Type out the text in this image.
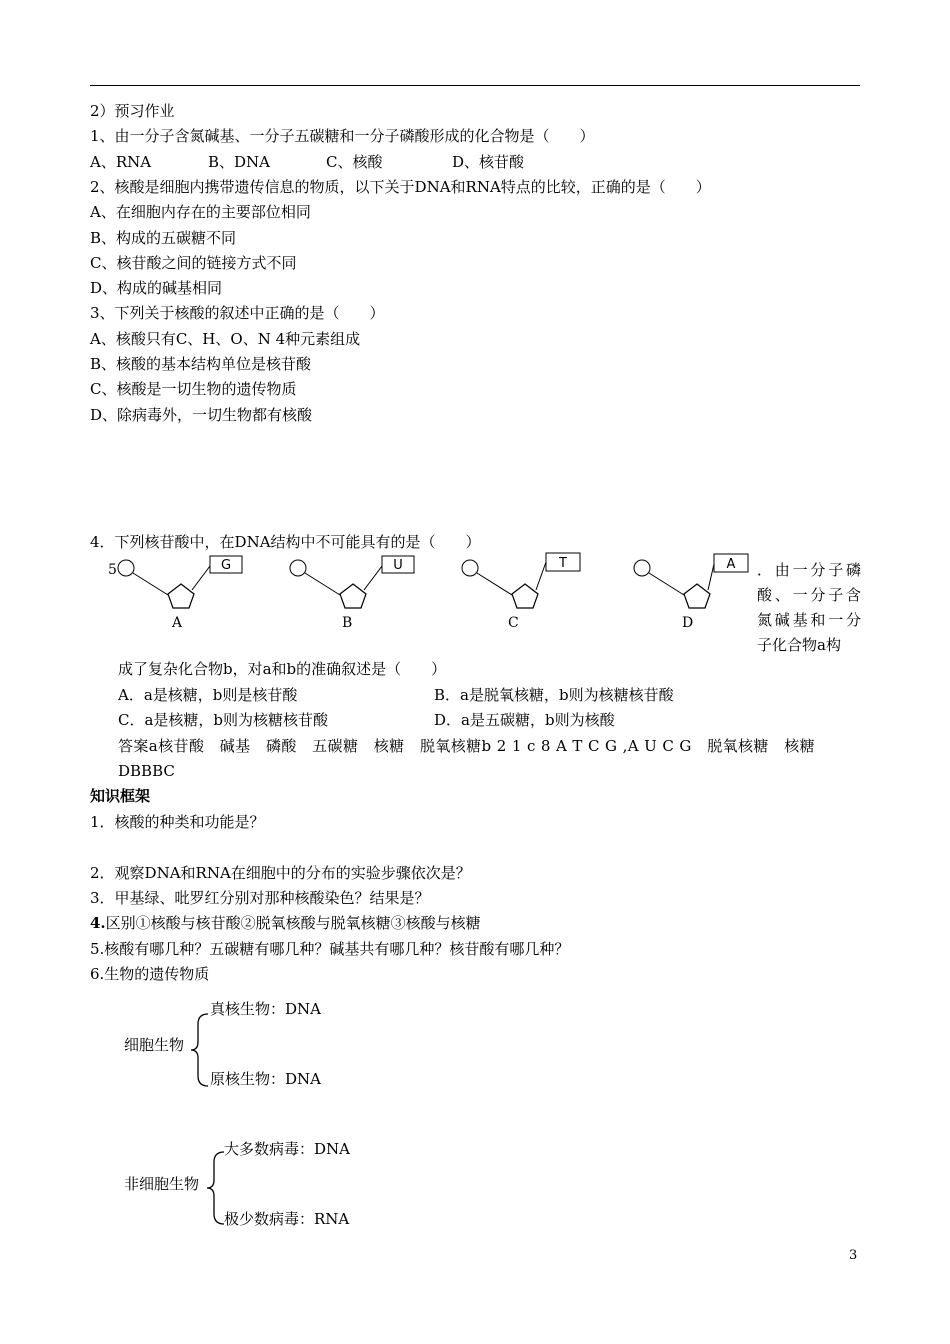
2）预习作业
1、由一分子含氮碱基、一分子五碳糖和一分子磷酸形成的化合物是（　　）
A、RNA	B、DNA	C、核酸	D、核苷酸
2、核酸是细胞内携带遗传信息的物质，以下关于DNA和RNA特点的比较，正确的是（　　）
A、在细胞内存在的主要部位相同
B、构成的五碳糖不同
C、核苷酸之间的链接方式不同
D、构成的碱基相同
3、下列关于核酸的叙述中正确的是（　　）
A、核酸只有C、H、O、N 4种元素组成
B、核酸的基本结构单位是核苷酸
C、核酸是一切生物的遗传物质
D、除病毒外，一切生物都有核酸
4．下列核苷酸中，在DNA结构中不可能具有的是（　　）
5	G
A
U
B
T
C
A
D
．由一分子磷酸、一分子含氮碱基和一分子化合物a构
成了复杂化合物b，对a和b的准确叙述是（　　）
A．a是核糖，b则是核苷酸	B．a是脱氧核糖，b则为核糖核苷酸
C．a是核糖，b则为核糖核苷酸	D．a是五碳糖，b则为核酸
答案a核苷酸　碱基　磷酸　五碳糖　核糖　脱氧核糖b 2 1 c 8 A T C G ,A U C G　脱氧核糖　核糖
DBBBC
知识框架
1．核酸的种类和功能是？
2．观察DNA和RNA在细胞中的分布的实验步骤依次是？
3．甲基绿、吡罗红分别对那种核酸染色？结果是？
4.区别①核酸与核苷酸②脱氧核酸与脱氧核糖③核酸与核糖
5.核酸有哪几种？五碳糖有哪几种？碱基共有哪几种？核苷酸有哪几种？
6.生物的遗传物质
细胞生物
真核生物：DNA
原核生物：DNA
非细胞生物
大多数病毒：DNA
极少数病毒：RNA
3
